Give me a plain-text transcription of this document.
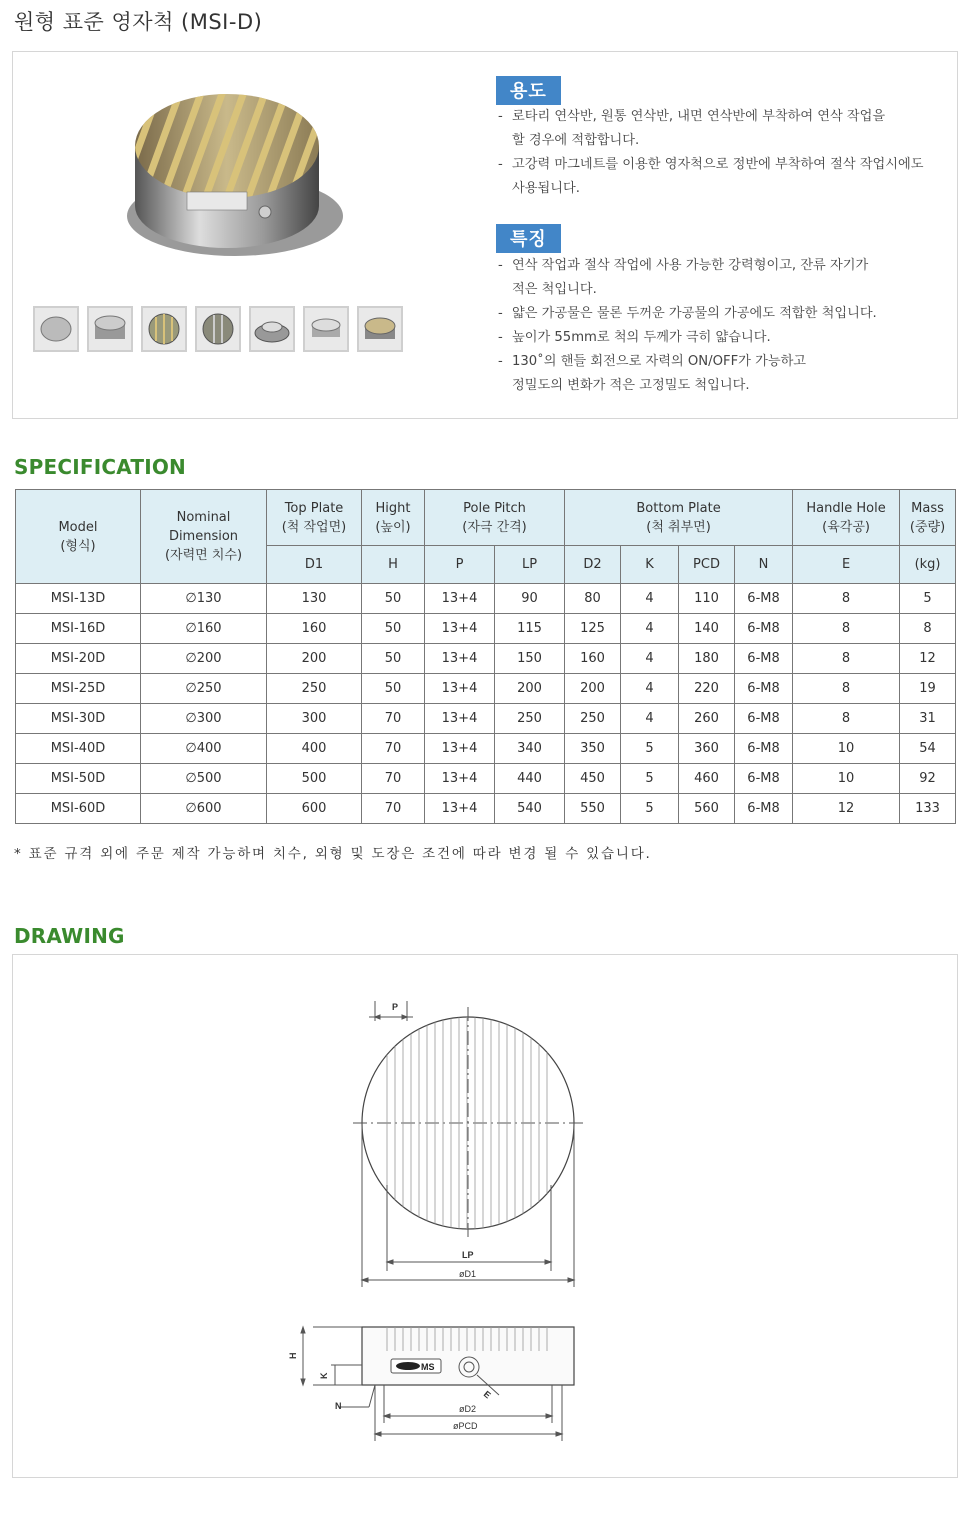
원형 표준 영자척 (MSI-D)
용도
- 로타리 연삭반, 원통 연삭반, 내면 연삭반에 부착하여 연삭 작업을
할 경우에 적합합니다.
- 고강력 마그네트를 이용한 영자척으로 정반에 부착하여 절삭 작업시에도
사용됩니다.
특징
- 연삭 작업과 절삭 작업에 사용 가능한 강력형이고, 잔류 자기가
적은 척입니다.
- 얇은 가공물은 물론 두꺼운 가공물의 가공에도 적합한 척입니다.
- 높이가 55mm로 척의 두께가 극히 얇습니다.
- 130˚의 핸들 회전으로 자력의 ON/OFF가 가능하고
정밀도의 변화가 적은 고정밀도 척입니다.
SPECIFICATION
Model
(형식)	Nominal
Dimension
(자력면 치수)	Top Plate
(척 작업면)	Hight
(높이)	Pole Pitch
(자극 간격)		Bottom Plate
(척 취부면)				Handle Hole
(육각공)	Mass
(중량)
		D1	H	P	LP	D2	K	PCD	N	E	(kg)
MSI-13D	∅130	130	50	13+4	90	80	4	110	6-M8	8	5
MSI-16D	∅160	160	50	13+4	115	125	4	140	6-M8	8	8
MSI-20D	∅200	200	50	13+4	150	160	4	180	6-M8	8	12
MSI-25D	∅250	250	50	13+4	200	200	4	220	6-M8	8	19
MSI-30D	∅300	300	70	13+4	250	250	4	260	6-M8	8	31
MSI-40D	∅400	400	70	13+4	340	350	5	360	6-M8	10	54
MSI-50D	∅500	500	70	13+4	440	450	5	460	6-M8	10	92
MSI-60D	∅600	600	70	13+4	540	550	5	560	6-M8	12	133
* 표준 규격 외에 주문 제작 가능하며 치수, 외형 및 도장은 조건에 따라 변경 될 수 있습니다.
DRAWING
P
LP
øD1
MS
H
K
N
E
øD2
øPCD
